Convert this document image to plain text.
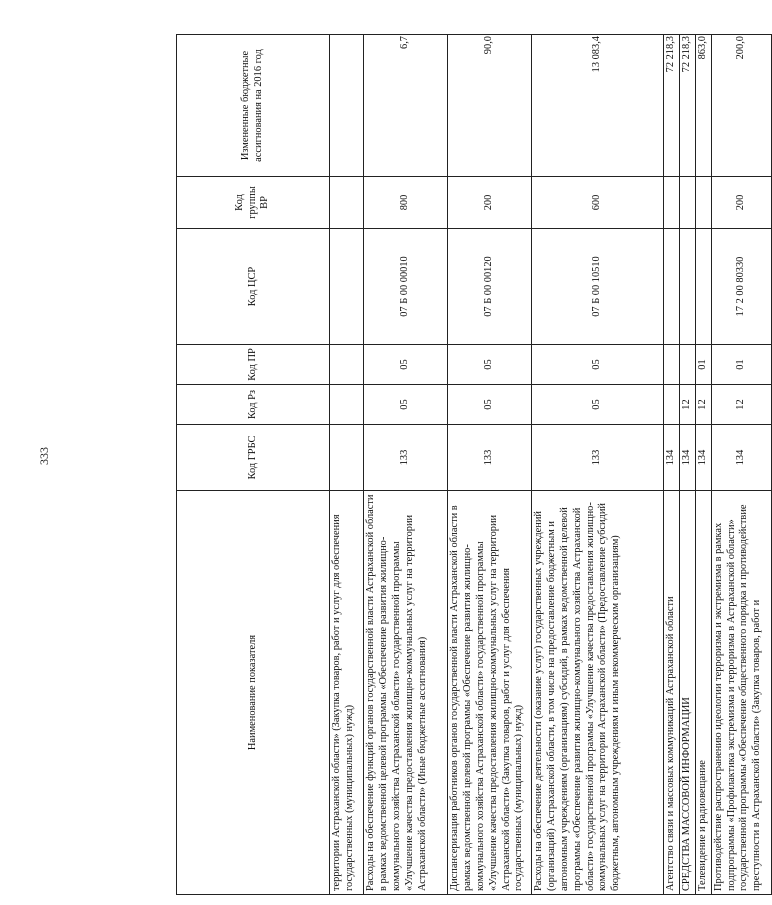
333
Наименование показателя	Код ГРБС	Код Рз	Код ПР	Код ЦСР	Код группы ВР	Измененные бюджетные ассигнования на 2016 год
территории Астраханской области» (Закупка товаров, работ и услуг для обеспечения государственных (муниципальных) нужд)						
Расходы на обеспечение функций органов государственной власти Астраханской области в рамках ведомственной целевой программы «Обеспечение развития жилищно-коммунального хозяйства Астраханской области» государственной программы «Улучшение качества предоставления жилищно-коммунальных услуг на территории Астраханской области» (Иные бюджетные ассигнования)	133	05	05	07 Б 00 00010	800	6,7
Диспансеризация работников органов государственной власти Астраханской области в рамках ведомственной целевой программы «Обеспечение развития жилищно-коммунального хозяйства Астраханской области» государственной программы «Улучшение качества предоставления жилищно-коммунальных услуг на территории Астраханской области» (Закупка товаров, работ и услуг для обеспечения государственных (муниципальных) нужд)	133	05	05	07 Б 00 00120	200	90,0
Расходы на обеспечение деятельности (оказание услуг) государственных учреждений (организаций) Астраханской области, в том числе на предоставление бюджетным и автономным учреждениям (организациям) субсидий, в рамках ведомственной целевой программы «Обеспечение развития жилищно-коммунального хозяйства Астраханской области» государственной программы «Улучшение качества предоставления жилищно-коммунальных услуг на территории Астраханской области» (Предоставление субсидий бюджетным, автономным учреждениям и иным некоммерческим организациям)	133	05	05	07 Б 00 10510	600	13 083,4
Агентство связи и массовых коммуникаций Астраханской области	134					72 218,3
СРЕДСТВА МАССОВОЙ ИНФОРМАЦИИ	134	12				72 218,3
Телевидение и радиовещание	134	12	01			863,0
Противодействие распространению идеологии терроризма и экстремизма в рамках подпрограммы «Профилактика экстремизма и терроризма в Астраханской области» государственной программы «Обеспечение общественного порядка и противодействие преступности в Астраханской области» (Закупка товаров, работ и	134	12	01	17 2 00 80330	200	200,0
